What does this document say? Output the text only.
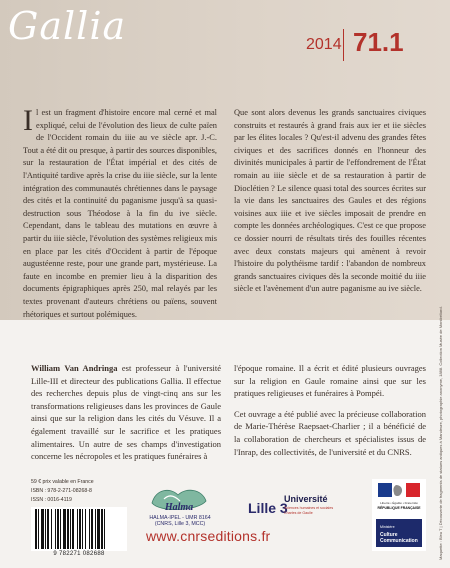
Gallia	2014 71.1
Il est un fragment d'histoire encore mal cerné et mal expliqué, celui de l'évolution des lieux de culte païen de l'Occident romain du iiie au ve siècle apr. J.-C. Tout a été dit ou presque, à partir des sources disponibles, sur la restauration de l'État impérial et des cités de l'Antiquité tardive après la crise du iiie siècle, sur la lente intégration des communautés chrétiennes dans le paysage des cités et la continuité du paganisme jusqu'à sa quasi-destruction sous Théodose à la fin du ive siècle. Cependant, dans le tableau des mutations en œuvre à partir du iiie siècle, l'évolution des systèmes religieux mis en place par les cités d'Occident à partir de l'époque augustéenne reste, pour une grande part, mystérieuse. La faute en incombe en premier lieu à la disparition des documents épigraphiques après 250, mal relayés par les textes provenant d'auteurs chrétiens ou païens, souvent rhétoriques et surtout polémiques.
Que sont alors devenus les grands sanctuaires civiques construits et restaurés à grand frais aux ier et iie siècles par les élites locales ? Qu'est-il advenu des grandes fêtes civiques et des sacrifices donnés en l'honneur des divinités municipales à partir de l'effondrement de l'État romain au iiie siècle et de sa restauration à partir de Dioclétien ? Le silence quasi total des sources écrites sur la vie dans les sanctuaires des Gaules et des régions voisines aux iiie et ive siècles imposait de prendre en compte les données archéologiques. C'est ce que propose ce dossier nourri de résultats tirés des fouilles récentes avec deux constats majeurs qui amènent à revoir l'histoire du polythéisme tardif : l'abandon de nombreux grands sanctuaires civiques dès la seconde moitié du iiie siècle et l'avènement d'un autre paganisme au ive siècle.
Maquette : Bleu T | Découverte de fragments de statues antiques à Mandeure, photographie anonyme, 1888. Collection Musée de Montbéliard.
William Van Andringa est professeur à l'université Lille-III et directeur des publications Gallia. Il effectue des recherches depuis plus de vingt-cinq ans sur les transformations religieuses dans les provinces de Gaule ainsi que sur la religion dans les cités du Vésuve. Il a également travaillé sur le sacrifice et les pratiques alimentaires. Un autre de ses champs d'investigation concerne les nécropoles et les pratiques funéraires à

l'époque romaine. Il a écrit et édité plusieurs ouvrages sur la religion en Gaule romaine ainsi que sur les pratiques religieuses et funéraires à Pompéi.

Cet ouvrage a été publié avec la précieuse collaboration de Marie-Thérèse Raepsaet-Charlier ; il a bénéficié de la collaboration de chercheurs et spécialistes issus de l'Inrap, des collectivités, de l'université et du CNRS.

59 € prix valable en France
ISBN : 978-2-271-08268-8
ISSN : 0016-4119
9 782271 082688
Halma
HALMA-IPEL - UMR 8164
(CNRS, Lille 3, MCC)
Lille 3
Université
Sciences humaines et sociales
Charles de Gaulle
Liberté • Égalité • Fraternité
RÉPUBLIQUE FRANÇAISE
Ministère
Culture
Communication
www.cnrseditions.fr
